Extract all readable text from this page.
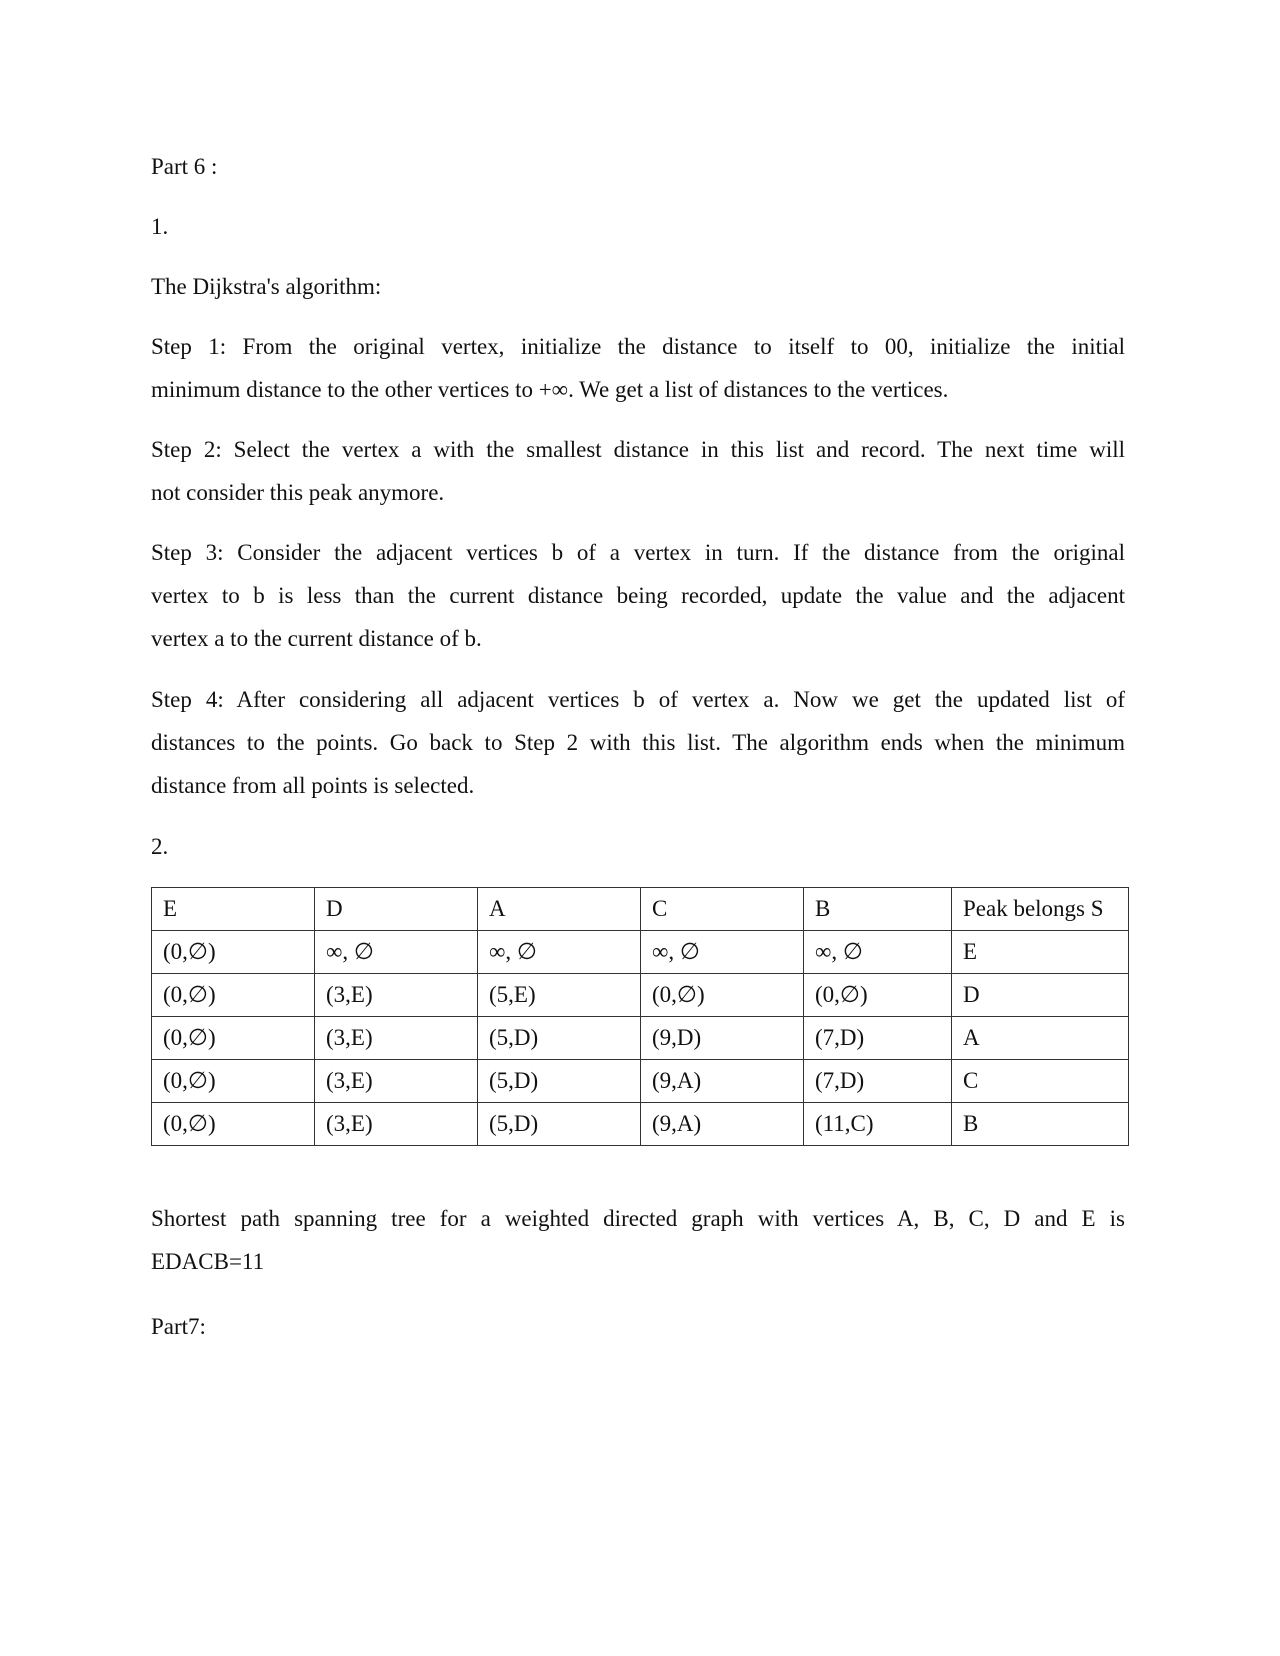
Part 6 :
1.
The Dijkstra's algorithm:
Step 1: From the original vertex, initialize the distance to itself to 00, initialize the initial
minimum distance to the other vertices to +∞. We get a list of distances to the vertices.
Step 2: Select the vertex a with the smallest distance in this list and record. The next time will
not consider this peak anymore.
Step 3: Consider the adjacent vertices b of a vertex in turn. If the distance from the original
vertex to b is less than the current distance being recorded, update the value and the adjacent
vertex a to the current distance of b.
Step 4: After considering all adjacent vertices b of vertex a. Now we get the updated list of
distances to the points. Go back to Step 2 with this list. The algorithm ends when the minimum
distance from all points is selected.
2.
E	D	A	C	B	Peak belongs S
(0,∅)	∞, ∅	∞, ∅	∞, ∅	∞, ∅	E
(0,∅)	(3,E)	(5,E)	(0,∅)	(0,∅)	D
(0,∅)	(3,E)	(5,D)	(9,D)	(7,D)	A
(0,∅)	(3,E)	(5,D)	(9,A)	(7,D)	C
(0,∅)	(3,E)	(5,D)	(9,A)	(11,C)	B
Shortest path spanning tree for a weighted directed graph with vertices A, B, C, D and E is
EDACB=11
Part7:
